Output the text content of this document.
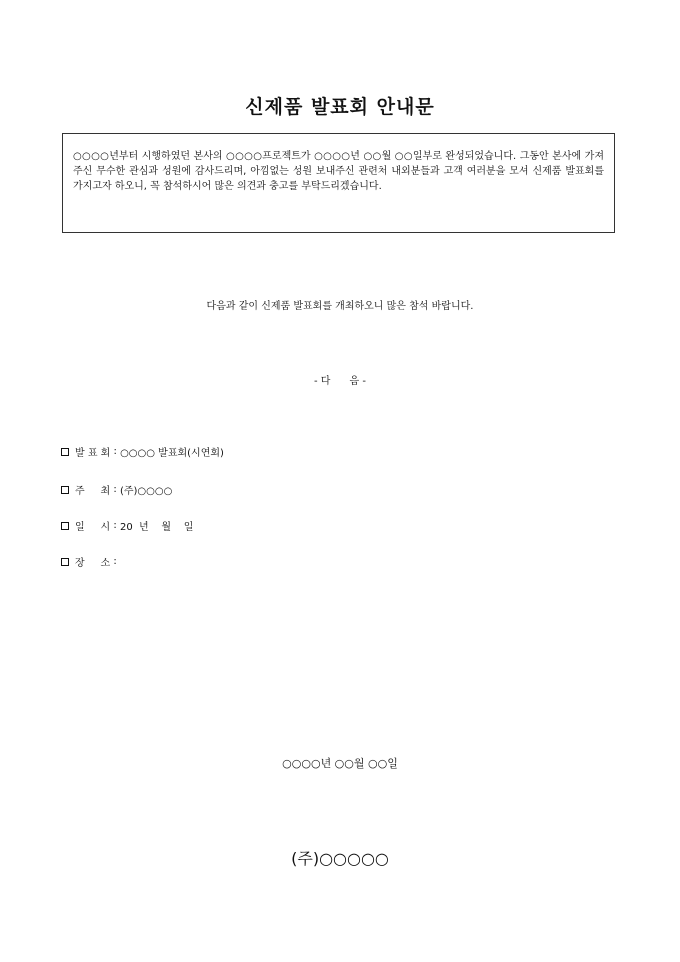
신제품 발표회 안내문
○○○○년부터 시행하였던 본사의 ○○○○프로젝트가 ○○○○년 ○○월 ○○일부로 완성되었습니다. 그동안 본사에 가져주신 무수한 관심과 성원에 감사드리며, 아낌없는 성원 보내주신 관련처 내외분들과 고객 여러분을 모셔 신제품 발표회를 가지고자 하오니, 꼭 참석하시어 많은 의견과 충고를 부탁드리겠습니다.
다음과 같이 신제품 발표회를 개최하오니 많은 참석 바랍니다.
- 다      음 -
발 표 회 : ○○○○ 발표회(시연회)
주     최 : (주)○○○○
일     시 : 20  년    월    일
장     소 :
○○○○년 ○○월 ○○일
(주)○○○○○
